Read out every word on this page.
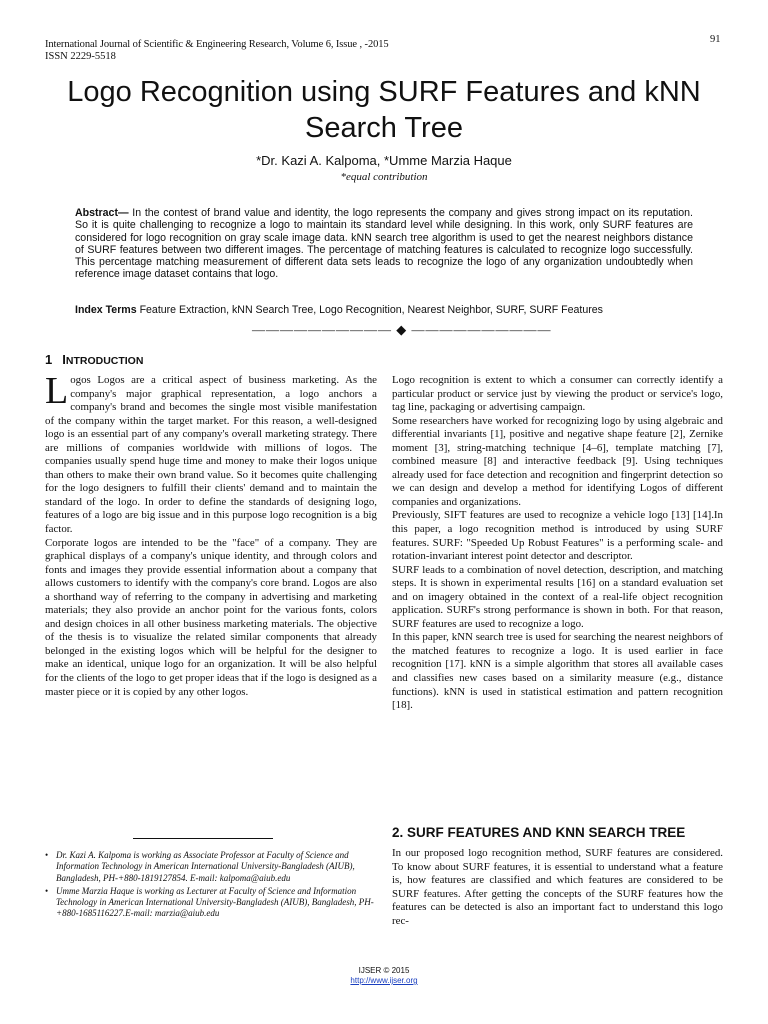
International Journal of Scientific & Engineering Research, Volume 6, Issue , -2015
ISSN 2229-5518
91
Logo Recognition using SURF Features and kNN Search Tree
*Dr. Kazi A. Kalpoma, *Umme Marzia Haque
*equal contribution
Abstract— In the contest of brand value and identity, the logo represents the company and gives strong impact on its reputation. So it is quite challenging to recognize a logo to maintain its standard level while designing. In this work, only SURF features are considered for logo recognition on gray scale image data. kNN search tree algorithm is used to get the nearest neighbors distance of SURF features between two different images. The percentage of matching features is calculated to recognize logo successfully. This percentage matching measurement of different data sets leads to recognize the logo of any organization undoubtedly when reference image dataset contains that logo.
Index Terms Feature Extraction, kNN Search Tree, Logo Recognition, Nearest Neighbor, SURF, SURF Features
—————————— ◆ ——————————
1 INTRODUCTION

Logos Logos are a critical aspect of business marketing. As the company's major graphical representation, a logo anchors a company's brand and becomes the single most visible manifestation of the company within the target market. For this reason, a well-designed logo is an essential part of any company's overall marketing strategy. There are millions of companies worldwide with millions of logos. The companies usually spend huge time and money to make their logos unique than others to make their own brand value. So it becomes quite challenging for the logo designers to fulfill their clients' demand and to maintain the standard of the logo. In order to define the standards of designing logo, features of a logo are big issue and in this purpose logo recognition is a big factor.

Corporate logos are intended to be the "face" of a company. They are graphical displays of a company's unique identity, and through colors and fonts and images they provide essential information about a company that allows customers to identify with the company's core brand. Logos are also a shorthand way of referring to the company in advertising and marketing materials; they also provide an anchor point for the various fonts, colors and design choices in all other business marketing materials. The objective of the thesis is to visualize the related similar components that already belonged in the existing logos which will be helpful for the designer to make an identical, unique logo for an organization. It will be also helpful for the clients of the logo to get proper ideas that if the logo is designed as a master piece or it is copied by any other logos.

Logo recognition is extent to which a consumer can correctly identify a particular product or service just by viewing the product or service's logo, tag line, packaging or advertising campaign.

Some researchers have worked for recognizing logo by using algebraic and differential invariants [1], positive and negative shape feature [2], Zernike moment [3], string-matching technique [4–6], template matching [7], combined measure [8] and interactive feedback [9]. Using techniques already used for face detection and recognition and fingerprint detection so we can design and develop a method for identifying Logos of different companies and organizations.

Previously, SIFT features are used to recognize a vehicle logo [13] [14].In this paper, a logo recognition method is introduced by using SURF features. SURF: "Speeded Up Robust Features" is a performing scale- and rotation-invariant interest point detector and descriptor.

SURF leads to a combination of novel detection, description, and matching steps. It is shown in experimental results [16] on a standard evaluation set and on imagery obtained in the context of a real-life object recognition application. SURF's strong performance is shown in both. For that reason, SURF features are used to recognize a logo.

In this paper, kNN search tree is used for searching the nearest neighbors of the matched features to recognize a logo. It is used earlier in face recognition [17]. kNN is a simple algorithm that stores all available cases and classifies new cases based on a similarity measure (e.g., distance functions). kNN is used in statistical estimation and pattern recognition [18].

2. SURF FEATURES AND KNN SEARCH TREE

In our proposed logo recognition method, SURF features are considered. To know about SURF features, it is essential to understand what a feature is, how features are classified and which features are considered to be SURF features. After getting the concepts of the SURF features how the features can be detected is also an important fact to understand this logo rec-

• Dr. Kazi A. Kalpoma is working as Associate Professor at Faculty of Science and Information Technology in American International University-Bangladesh (AIUB), Bangladesh, PH-+880-1819127854. E-mail: kalpoma@aiub.edu
• Umme Marzia Haque is working as Lecturer at Faculty of Science and Information Technology in American International University-Bangladesh (AIUB), Bangladesh, PH-+880-1685116227.E-mail: marzia@aiub.edu
IJSER © 2015
http://www.ijser.org
